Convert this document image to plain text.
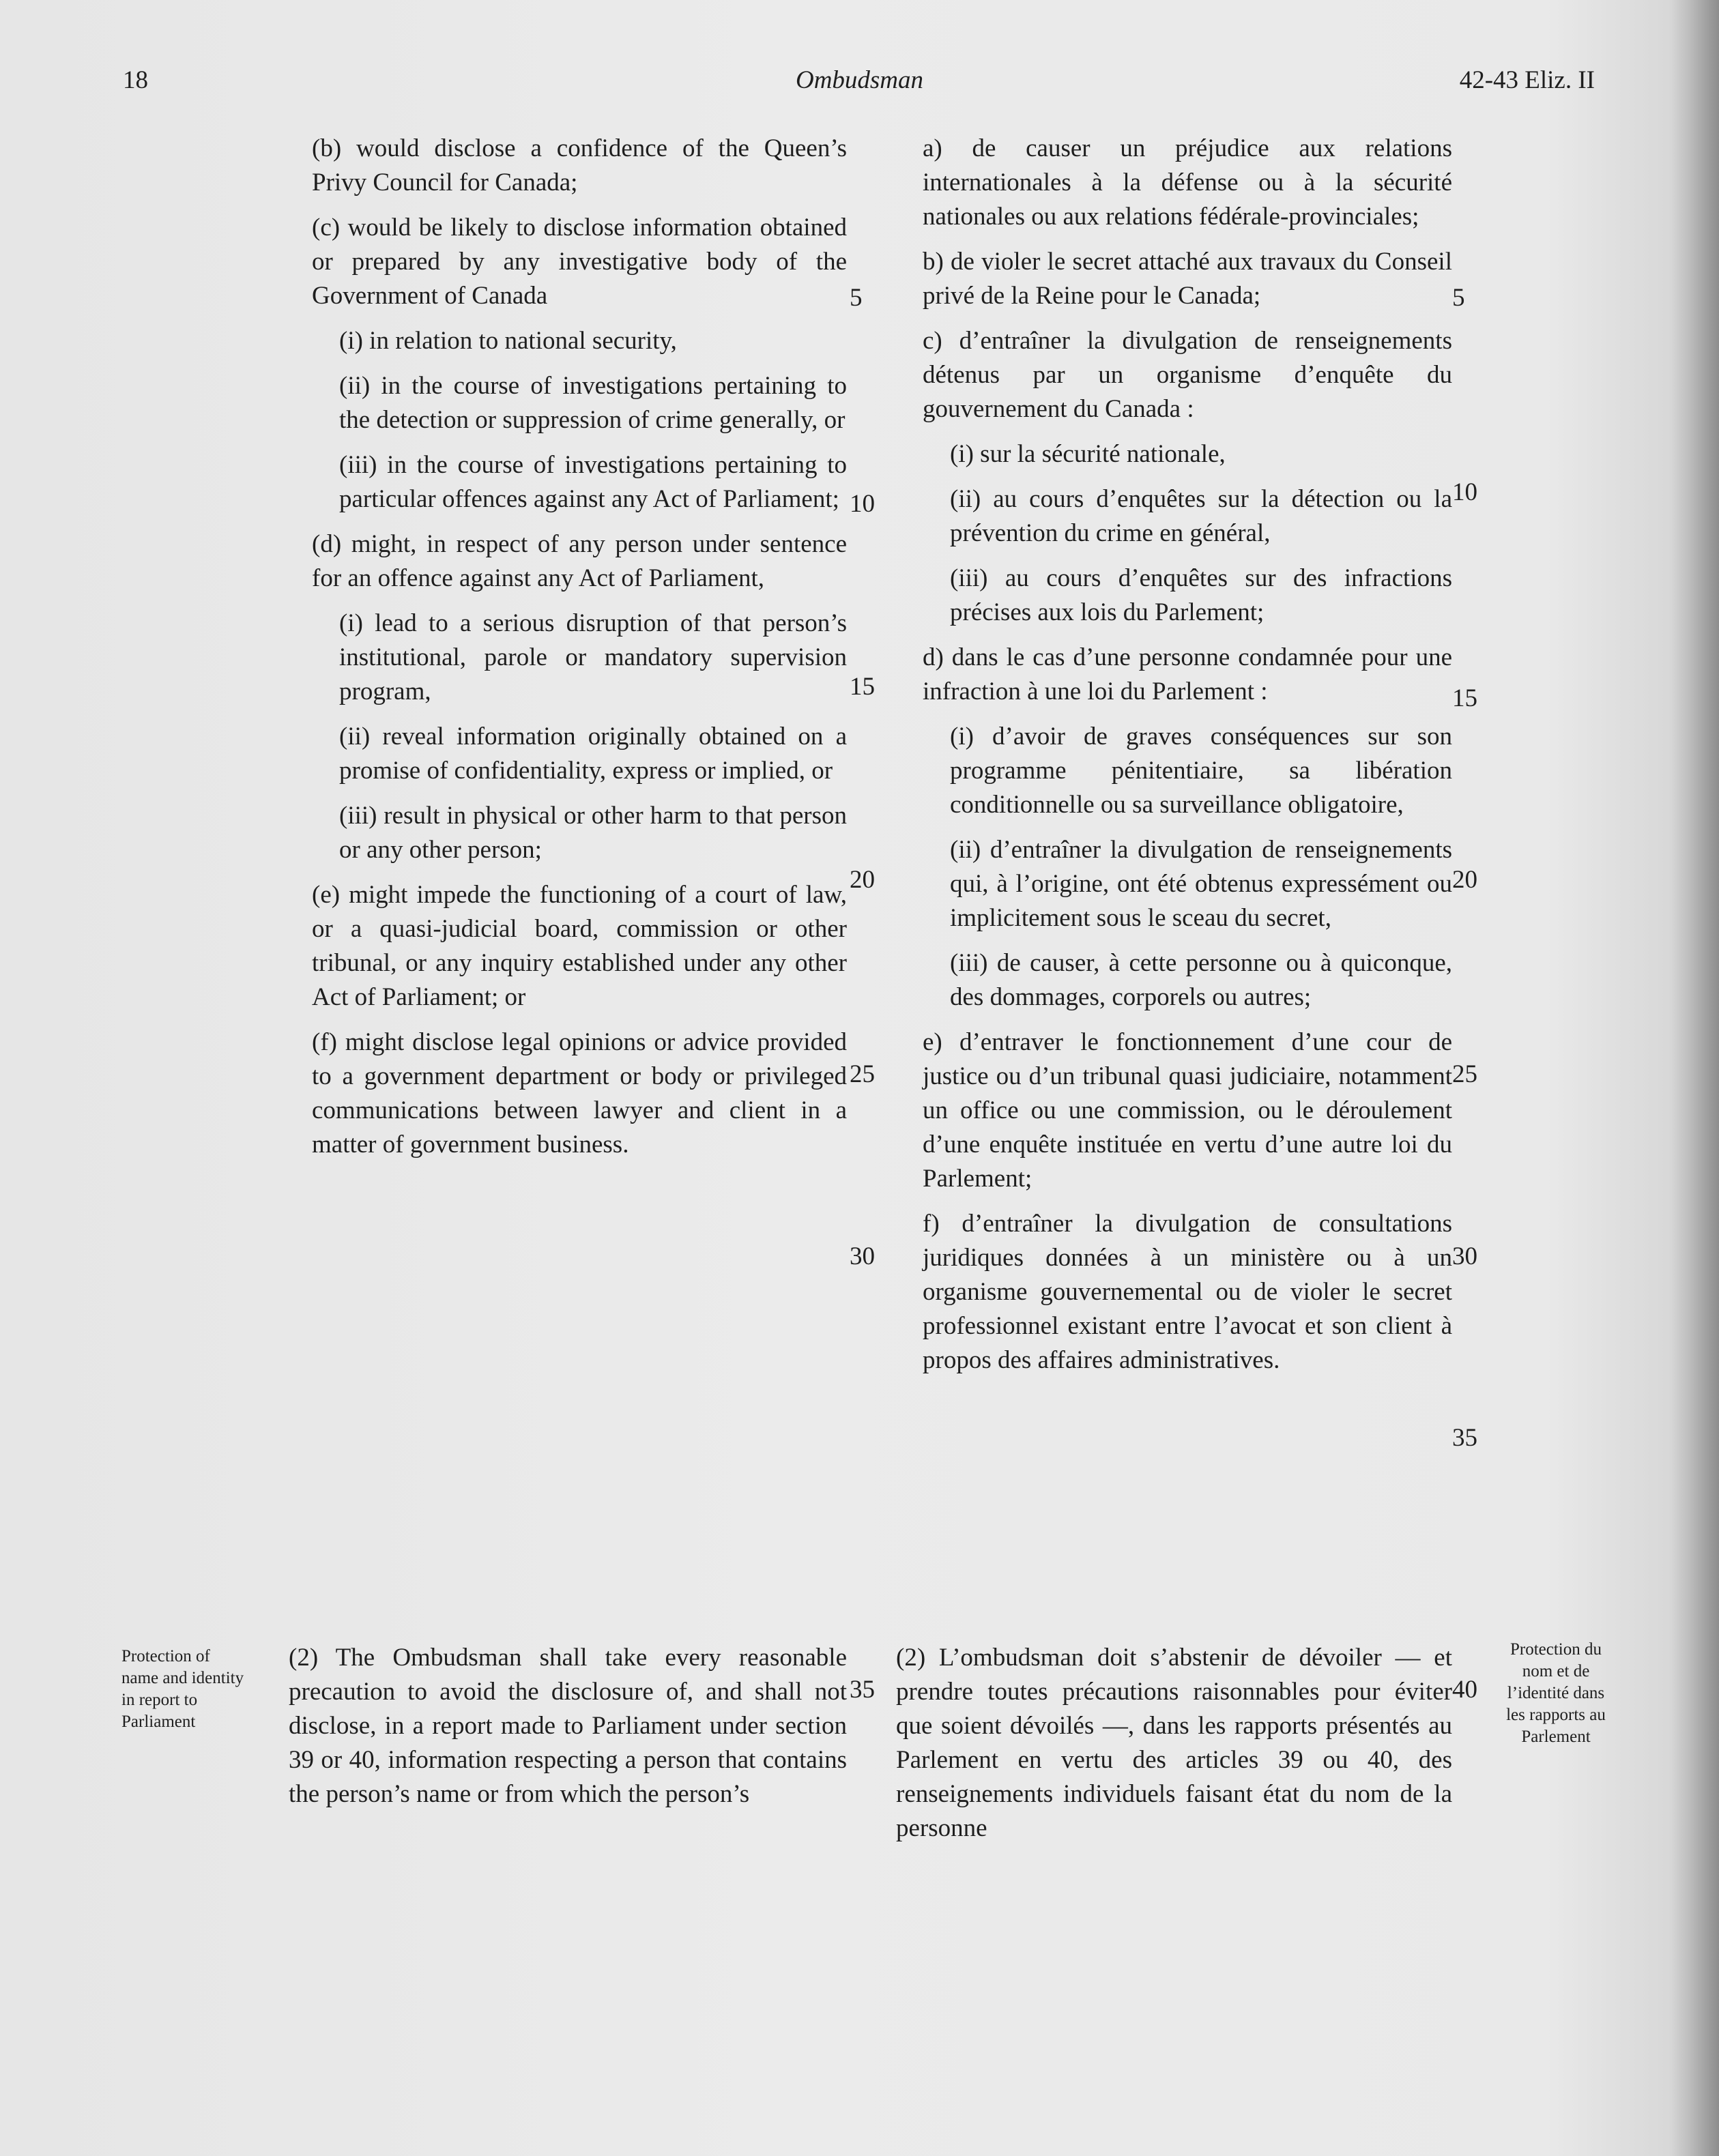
18	Ombudsman	42-43 Eliz. II

(b) would disclose a confidence of the Queen’s Privy Council for Canada;

(c) would be likely to disclose information obtained or prepared by any investigative body of the Government of Canada

(i) in relation to national security,

(ii) in the course of investigations pertaining to the detection or suppression of crime generally, or

(iii) in the course of investigations pertaining to particular offences against any Act of Parliament;

(d) might, in respect of any person under sentence for an offence against any Act of Parliament,

(i) lead to a serious disruption of that person’s institutional, parole or mandatory supervision program,

(ii) reveal information originally obtained on a promise of confidentiality, express or implied, or

(iii) result in physical or other harm to that person or any other person;

(e) might impede the functioning of a court of law, or a quasi-judicial board, commission or other tribunal, or any inquiry established under any other Act of Parliament; or

(f) might disclose legal opinions or advice provided to a government department or body or privileged communications between lawyer and client in a matter of government business.

a) de causer un préjudice aux relations internationales à la défense ou à la sécurité nationales ou aux relations fédérale-provinciales;

b) de violer le secret attaché aux travaux du Conseil privé de la Reine pour le Canada;

c) d’entraîner la divulgation de renseignements détenus par un organisme d’enquête du gouvernement du Canada :

(i) sur la sécurité nationale,

(ii) au cours d’enquêtes sur la détection ou la prévention du crime en général,

(iii) au cours d’enquêtes sur des infractions précises aux lois du Parlement;

d) dans le cas d’une personne condamnée pour une infraction à une loi du Parlement :

(i) d’avoir de graves conséquences sur son programme pénitentiaire, sa libération conditionnelle ou sa surveillance obligatoire,

(ii) d’entraîner la divulgation de renseignements qui, à l’origine, ont été obtenus expressément ou implicitement sous le sceau du secret,

(iii) de causer, à cette personne ou à quiconque, des dommages, corporels ou autres;

e) d’entraver le fonctionnement d’une cour de justice ou d’un tribunal quasi judiciaire, notamment un office ou une commission, ou le déroulement d’une enquête instituée en vertu d’une autre loi du Parlement;

f) d’entraîner la divulgation de consultations juridiques données à un ministère ou à un organisme gouvernemental ou de violer le secret professionnel existant entre l’avocat et son client à propos des affaires administratives.

Protection of name and identity in report to Parliament

(2) The Ombudsman shall take every reasonable precaution to avoid the disclosure of, and shall not disclose, in a report made to Parliament under section 39 or 40, information respecting a person that contains the person’s name or from which the person’s

(2) L’ombudsman doit s’abstenir de dévoiler — et prendre toutes précautions raisonnables pour éviter que soient dévoilés —, dans les rapports présentés au Parlement en vertu des articles 39 ou 40, des renseignements individuels faisant état du nom de la personne

Protection du nom et de l’identité dans les rapports au Parlement
5
10
15
20
25
30
35
5
10
15
20
25
30
35
40
